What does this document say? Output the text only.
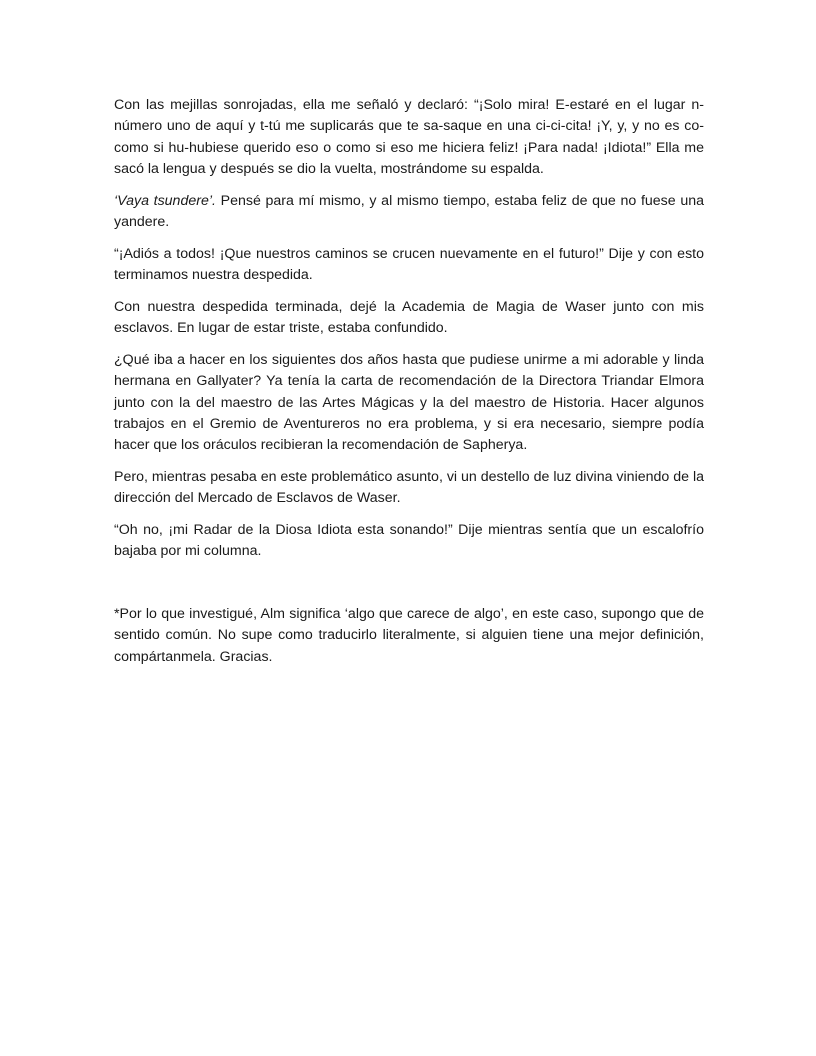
Con las mejillas sonrojadas, ella me señaló y declaró: “¡Solo mira! E-estaré en el lugar n-número uno de aquí y t-tú me suplicarás que te sa-saque en una ci-ci-cita! ¡Y, y, y no es co-como si hu-hubiese querido eso o como si eso me hiciera feliz! ¡Para nada! ¡Idiota!” Ella me sacó la lengua y después se dio la vuelta, mostrándome su espalda.

‘Vaya tsundere’. Pensé para mí mismo, y al mismo tiempo, estaba feliz de que no fuese una yandere.

“¡Adiós a todos! ¡Que nuestros caminos se crucen nuevamente en el futuro!” Dije y con esto terminamos nuestra despedida.

Con nuestra despedida terminada, dejé la Academia de Magia de Waser junto con mis esclavos. En lugar de estar triste, estaba confundido.

¿Qué iba a hacer en los siguientes dos años hasta que pudiese unirme a mi adorable y linda hermana en Gallyater? Ya tenía la carta de recomendación de la Directora Triandar Elmora junto con la del maestro de las Artes Mágicas y la del maestro de Historia. Hacer algunos trabajos en el Gremio de Aventureros no era problema, y si era necesario, siempre podía hacer que los oráculos recibieran la recomendación de Sapherya.

Pero, mientras pesaba en este problemático asunto, vi un destello de luz divina viniendo de la dirección del Mercado de Esclavos de Waser.

“Oh no, ¡mi Radar de la Diosa Idiota esta sonando!” Dije mientras sentía que un escalofrío bajaba por mi columna.

*Por lo que investigué, Alm significa ‘algo que carece de algo’, en este caso, supongo que de sentido común. No supe como traducirlo literalmente, si alguien tiene una mejor definición, compártanmela. Gracias.
